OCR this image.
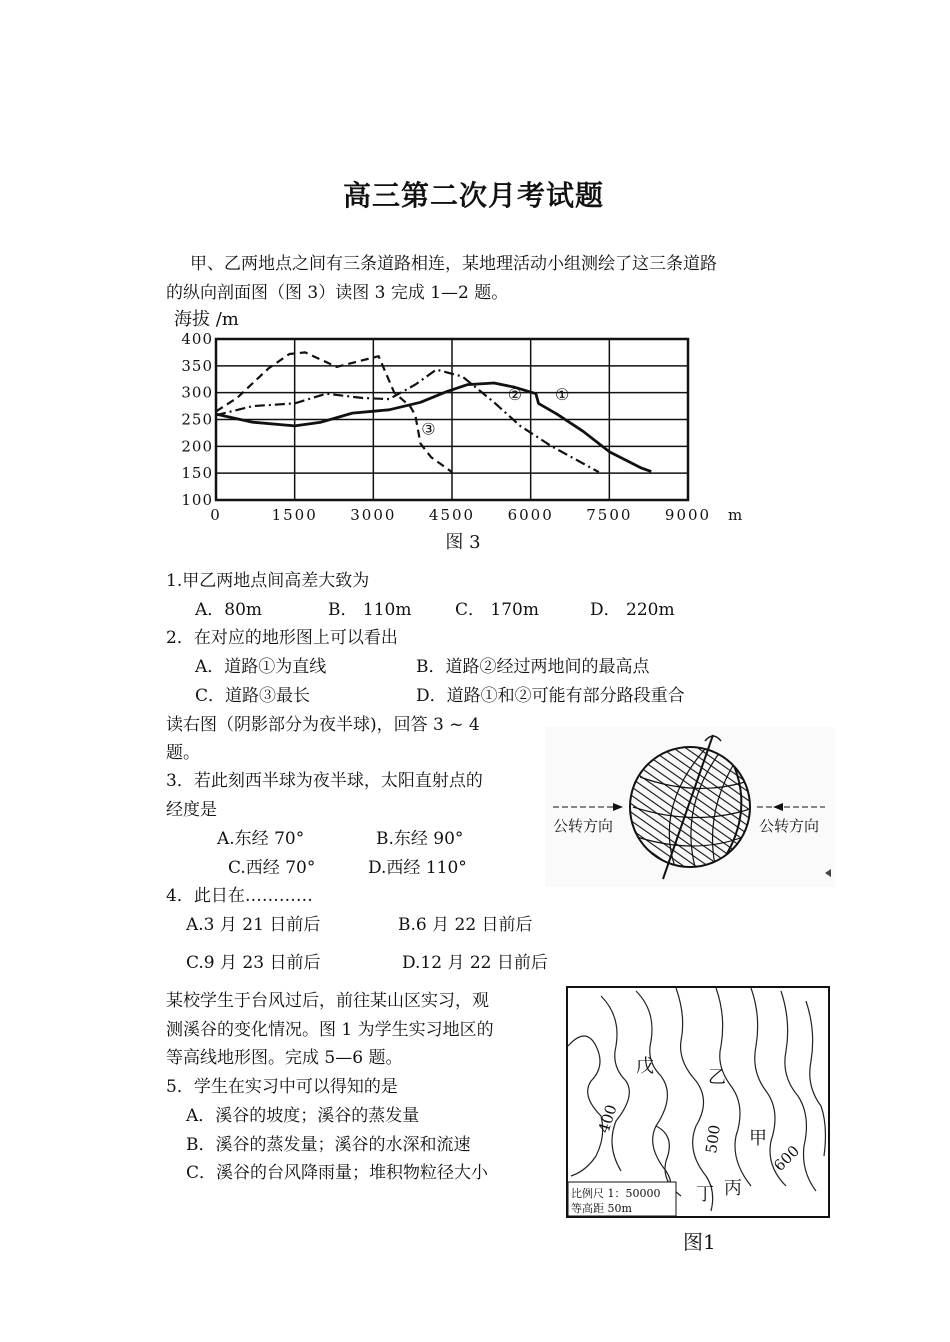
高三第二次月考试题
甲、乙两地点之间有三条道路相连，某地理活动小组测绘了这三条道路
的纵向剖面图（图 3）读图 3 完成 1—2 题。
0	1500 3000 4500 6000 7500 9000
400
350
300
250
200
150
100
m
海拔 /m
图 3
①
②
③
1.甲乙两地点间高差大致为
A．80m	B． 110m	C． 170m	D． 220m
2．在对应的地形图上可以看出
A．道路①为直线	B．道路②经过两地间的最高点
C．道路③最长	D．道路①和②可能有部分路段重合
读右图（阴影部分为夜半球)，回答 3 ~ 4
题。
公转方向	公转方向
3．若此刻西半球为夜半球，太阳直射点的
经度是
A.东经 70°	B.东经 90°
C.西经 70°	D.西经 110°
4．此日在…………
A.3 月 21 日前后	B.6 月 22 日前后
C.9 月 23 日前后	D.12 月 22 日前后
某校学生于台风过后，前往某山区实习，观
测溪谷的变化情况。图 1 为学生实习地区的
等高线地形图。完成 5—6 题。
5．学生在实习中可以得知的是
A．溪谷的坡度；溪谷的蒸发量
B．溪谷的蒸发量；溪谷的水深和流速
C．溪谷的台风降雨量；堆积物粒径大小
戊
乙
甲
丙
丁
400
500
600
比例尺 1：50000
等高距 50m
图1
